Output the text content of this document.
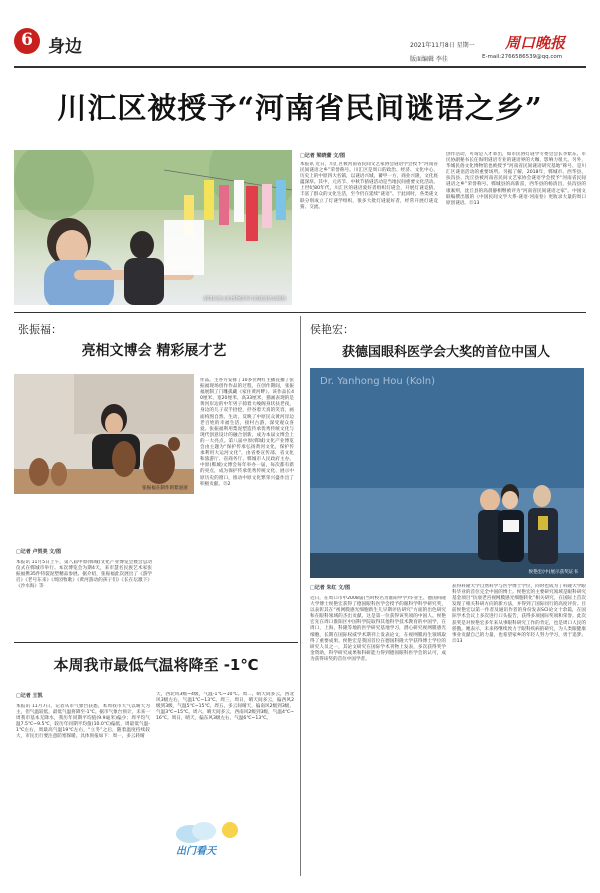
6 身边	2021年11月8日 星期一
版面编辑 李佳
周口晚报
E-mail:2766586539@qq.com
川汇区被授予“河南省民间谜语之乡”
胡琪民俗文化博物馆举行的谜语活动现场
□记者 梁晓蕾 文/图
本报讯 近日，川汇区被河南省民间文艺家协会谜语学会授予“河南省民间谜语之乡”荣誉称号。川汇区是周口的政治、经济、文化中心，历史上的中原四大名镇，以谜语兴城，蓄甲一方，商业兴隆，文化底蕴深厚。其中，元宵节、中秋节猜谜活动是当地民间重要文化活动。上世纪80年代，川汇区的谜语爱好者组织灯谜会，开展灯谜竞猜，丰富了群众的文化生活，至今仍在延续“谜语”。于此同时，各类谜文联分别成立了灯谜学组织，很多大批灯谜爱好者，经常开展灯谜竞猜、交流、
创作活动，可谓是人才辈出，如市民协灯谜学专委会会长李紫东，市民协副秘书长任海明谜语专业的谜语界的大咖，影响力很大。另外，华城民俗文化博物馆也被授予“河南省民间谜语研究基地”称号，是川汇区谜语活动的重要场所。另据了解，2018年，郸城市、西华县、扶沟县、沈丘县被河南省民间文艺家协会谜语学会授予“河南省民间谜语之乡”荣誉称号。郸城县的高新雷，西华县的杨清昌，扶沟县的康素则，沈丘县的高晨静相继被评为“河南省民间谜语之家”。中国文联编撰出版的《中国民间文学大系·谜语·河南卷》更收录大量的周口原创谜语。㉑13
张振福：
亮相文博会 精彩展才艺
张振福在制作的紫泥匿
□记者 卢贺美 文/图
本报讯 11月5日上午，第八届中原(郸城)文化产业博览会暨会总动仪式在郸城市举行。本次博览会为期4天，来市慧名民族艺术家张振福携35件特裂泥塑精品参展。据介绍，张振福此次展出了《游学启》《老号东来》《周园牧歌》《黄河游动的孩子们》《长在坛激下》《沙水海》等
作品。主办方安排了10多位网红主播直播了张振福现场创作作品的过程，在创作期间，张振福展制了门雕孤藏《家住黄河畔》。该作品长40厘米、宽20厘米、高33厘米，描画表现的是黄河岸边的中年男子骑着大峻阁身状扶老夜，身边的儿子双手拾挖，抒谷着天真的笑容，画面构图自然、生动，反映了中原民众黄河岸边老百姓的幸福生活，接村古游，深受观众喜爱。张振福利用梨泥塑造传承优秀传统文化与现代创意设计的融合创新，成为本届文博会上的一大亮点。第八届中原(郸城)文化产业博览会由主题为“保护传承弘扬黄河文化，保护传承利用大运河文化”，由省委宣传部、省文化和旅游厅、省商务厅、郸城市人民政府主办。中原(郸城)文博会每年举办一届，每次都有新的亮点，成为保护传承优秀传统文化、展示中原历史的窗口，推动中原文化繁荣兴盛作出了积极贡献。㉑2
本周我市最低气温将降至 -1℃
□记者 王凯
本报讯 11月7日，记者从市气象台获悉，本周我市天气以晴天为主，但气温较低，最低气温将降至-1℃。据市气象台预计，未来一周我市基本无降水，我历年同期平均值(9.9毫米)偏少；周平均气温7.5℃~9.5℃，较历年同期平均值(10.0℃)偏低，周最低气温-1℃左右，周最高气温19℃左右，“立冬”之后，随着温度持续较大，市民出行要注意防寒保暖。具体预报如下：周一，多云转晴
天，西北风3级~4级，气温-1℃~10℃。周二，晴天间多云，西北风3级左右，气温1℃~13℃。周三，周日，晴天间多云，偏西风2级到3级，气温5℃~15℃。周五，多云间晴天，偏南风2级到3级，气温3℃~15℃。周六，晴天间多云，西南风2级到3级，气温4℃~16℃。周日，晴天，偏东风3级左右，气温6℃~13℃。
出门看天
侯艳宏：
获德国眼科医学会大奖的首位中国人
Dr. Yanhong Hou (Koln)
侯艳宏(中)展示获奖证书
□记者 朱红 文/图
近日，在周口市中2008届(当时校名为淮阳中学)毕业生、德国科隆大学博士侯艳宏获得了德国眼科医学会授予的眼科学科学研究奖，以表彰其在“视网膜感光细胞新生儿早期评估研究”方面的出色研究和在眼科领域的杰出贡献。这是第一位获得该奖项的中国人。侯艳宏先在周口淮阳区中国科学院取得其他科学技术教育的中国学，在周口，上海，科隆等地的医学研究基地学习，潜心研究视网膜感光细胞，长期在国际权威学术期刊上发表论文，在视网膜再生领域取得了重要成果。侯艳宏是我国首位在德国科隆大学获得博士学位的研究人员之一，其论文研究在国际学术刊物上发表，多次获得奖学金资助，科学研究成果和科研能力得到德国眼科医学会的认可，成为获得该奖的首位中国学者。
获得科隆大学自然科学与医学博士学位，同时也成为了科隆大学眼科毕业的首位完全中国的博士。侯艳宏的主要研究领域是眼科研究基金项目“抗衰老宫视网膜感光细胞转化”相关研究，在国际上首次发现了相关科研方向的新方法，并得到了国际同行的高度评价。目前侯艳宏以第一作者及通讯作者的身份发表SCI论文十余篇，在国际学术会议上多次进行口头报告，获得多项国际奖项和荣誉。此次获奖是对侯艳宏多年来从事眼科研究工作的肯定，也是周口人民的骄傲。她表示，未来将继续致力于眼科疾病的研究，为人类眼健康事业贡献自己的力量，也希望家乡的年轻人努力学习，勇于追梦。㉑13
